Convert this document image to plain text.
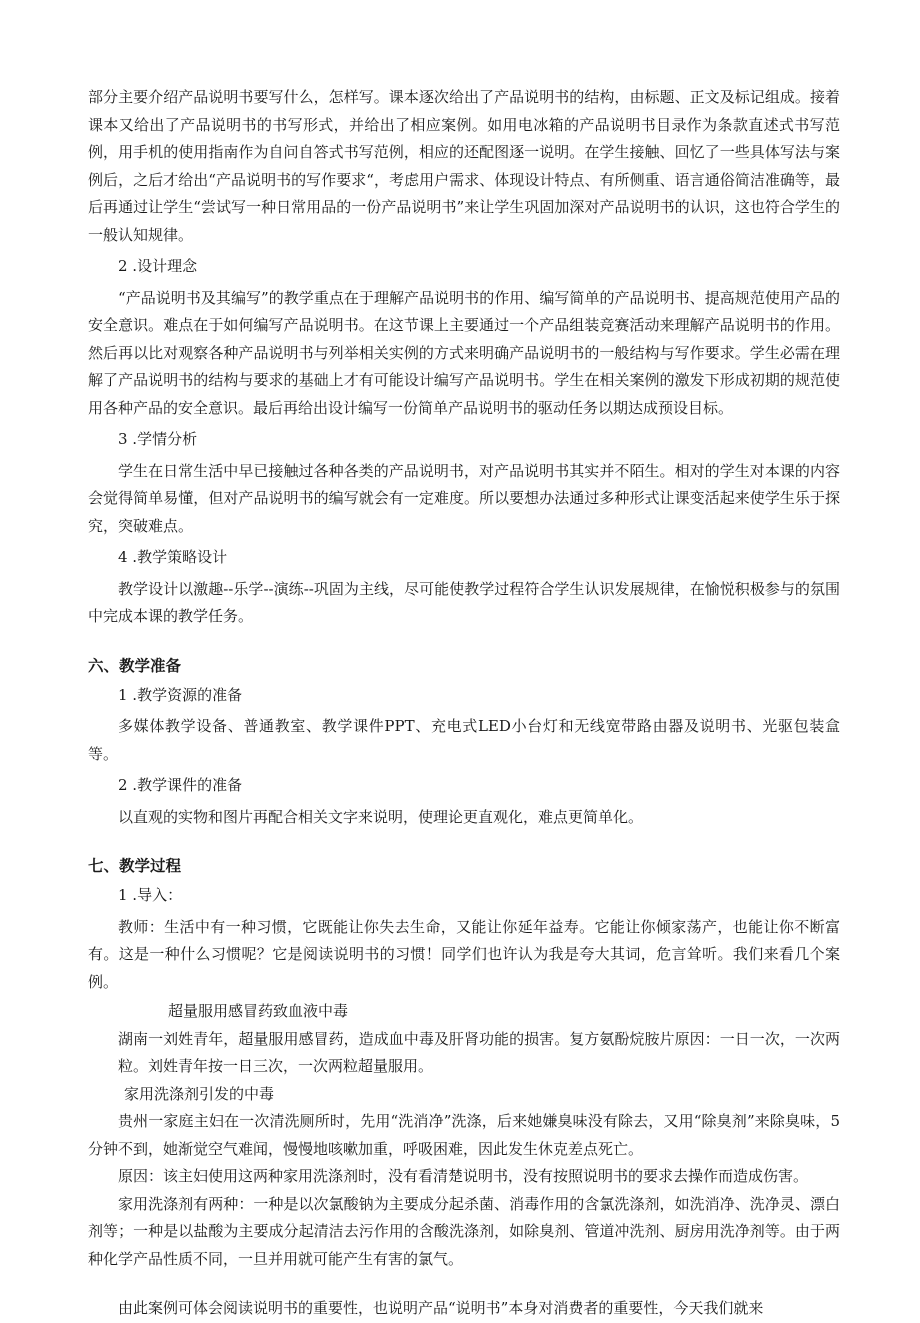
部分主要介绍产品说明书要写什么，怎样写。课本逐次给出了产品说明书的结构，由标题、正文及标记组成。接着课本又给出了产品说明书的书写形式，并给出了相应案例。如用电冰箱的产品说明书目录作为条款直述式书写范例，用手机的使用指南作为自问自答式书写范例，相应的还配图逐一说明。在学生接触、回忆了一些具体写法与案例后，之后才给出“产品说明书的写作要求“，考虑用户需求、体现设计特点、有所侧重、语言通俗简洁准确等，最后再通过让学生“尝试写一种日常用品的一份产品说明书”来让学生巩固加深对产品说明书的认识，这也符合学生的一般认知规律。

2 .设计理念

“产品说明书及其编写”的教学重点在于理解产品说明书的作用、编写简单的产品说明书、提高规范使用产品的安全意识。难点在于如何编写产品说明书。在这节课上主要通过一个产品组装竞赛活动来理解产品说明书的作用。然后再以比对观察各种产品说明书与列举相关实例的方式来明确产品说明书的一般结构与写作要求。学生必需在理解了产品说明书的结构与要求的基础上才有可能设计编写产品说明书。学生在相关案例的激发下形成初期的规范使用各种产品的安全意识。最后再给出设计编写一份简单产品说明书的驱动任务以期达成预设目标。

3 .学情分析

学生在日常生活中早已接触过各种各类的产品说明书，对产品说明书其实并不陌生。相对的学生对本课的内容会觉得简单易懂，但对产品说明书的编写就会有一定难度。所以要想办法通过多种形式让课变活起来使学生乐于探究，突破难点。

4 .教学策略设计

教学设计以激趣--乐学--演练--巩固为主线，尽可能使教学过程符合学生认识发展规律，在愉悦积极参与的氛围中完成本课的教学任务。

六、教学准备

1 .教学资源的准备

多媒体教学设备、普通教室、教学课件PPT、充电式LED小台灯和无线宽带路由器及说明书、光驱包装盒等。

2 .教学课件的准备

以直观的实物和图片再配合相关文字来说明，使理论更直观化，难点更简单化。

七、教学过程

1 .导入：

教师：生活中有一种习惯，它既能让你失去生命，又能让你延年益寿。它能让你倾家荡产，也能让你不断富有。这是一种什么习惯呢？它是阅读说明书的习惯！同学们也许认为我是夸大其词，危言耸听。我们来看几个案例。

超量服用感冒药致血液中毒

湖南一刘姓青年，超量服用感冒药，造成血中毒及肝肾功能的损害。复方氨酚烷胺片原因：一日一次，一次两粒。刘姓青年按一日三次，一次两粒超量服用。

家用洗涤剂引发的中毒

贵州一家庭主妇在一次清洗厕所时，先用“洗消净”洗涤，后来她嫌臭味没有除去，又用“除臭剂”来除臭味，5分钟不到，她渐觉空气难闻，慢慢地咳嗽加重，呼吸困难，因此发生休克差点死亡。

原因：该主妇使用这两种家用洗涤剂时，没有看清楚说明书，没有按照说明书的要求去操作而造成伤害。

家用洗涤剂有两种：一种是以次氯酸钠为主要成分起杀菌、消毒作用的含氯洗涤剂，如洗消净、洗净灵、漂白剂等；一种是以盐酸为主要成分起清洁去污作用的含酸洗涤剂，如除臭剂、管道冲洗剂、厨房用洗净剂等。由于两种化学产品性质不同，一旦并用就可能产生有害的氯气。

由此案例可体会阅读说明书的重要性，也说明产品“说明书”本身对消费者的重要性，今天我们就来
